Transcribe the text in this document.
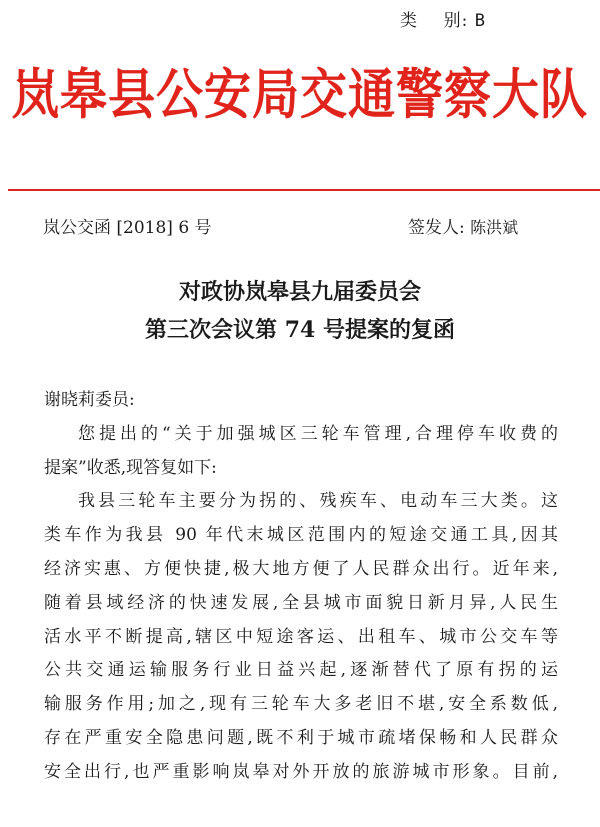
类    别: B
岚皋县公安局交通警察大队
岚公交函 [2018] 6 号	签发人: 陈洪斌
对政协岚皋县九届委员会
第三次会议第 74 号提案的复函
谢晓莉委员:
您提出的“关于加强城区三轮车管理,合理停车收费的
提案”收悉,现答复如下:
我县三轮车主要分为拐的、残疾车、电动车三大类。这
类车作为我县 90 年代末城区范围内的短途交通工具,因其
经济实惠、方便快捷,极大地方便了人民群众出行。近年来,
随着县域经济的快速发展,全县城市面貌日新月异,人民生
活水平不断提高,辖区中短途客运、出租车、城市公交车等
公共交通运输服务行业日益兴起,逐渐替代了原有拐的运
输服务作用;加之,现有三轮车大多老旧不堪,安全系数低,
存在严重安全隐患问题,既不利于城市疏堵保畅和人民群众
安全出行,也严重影响岚皋对外开放的旅游城市形象。目前,
